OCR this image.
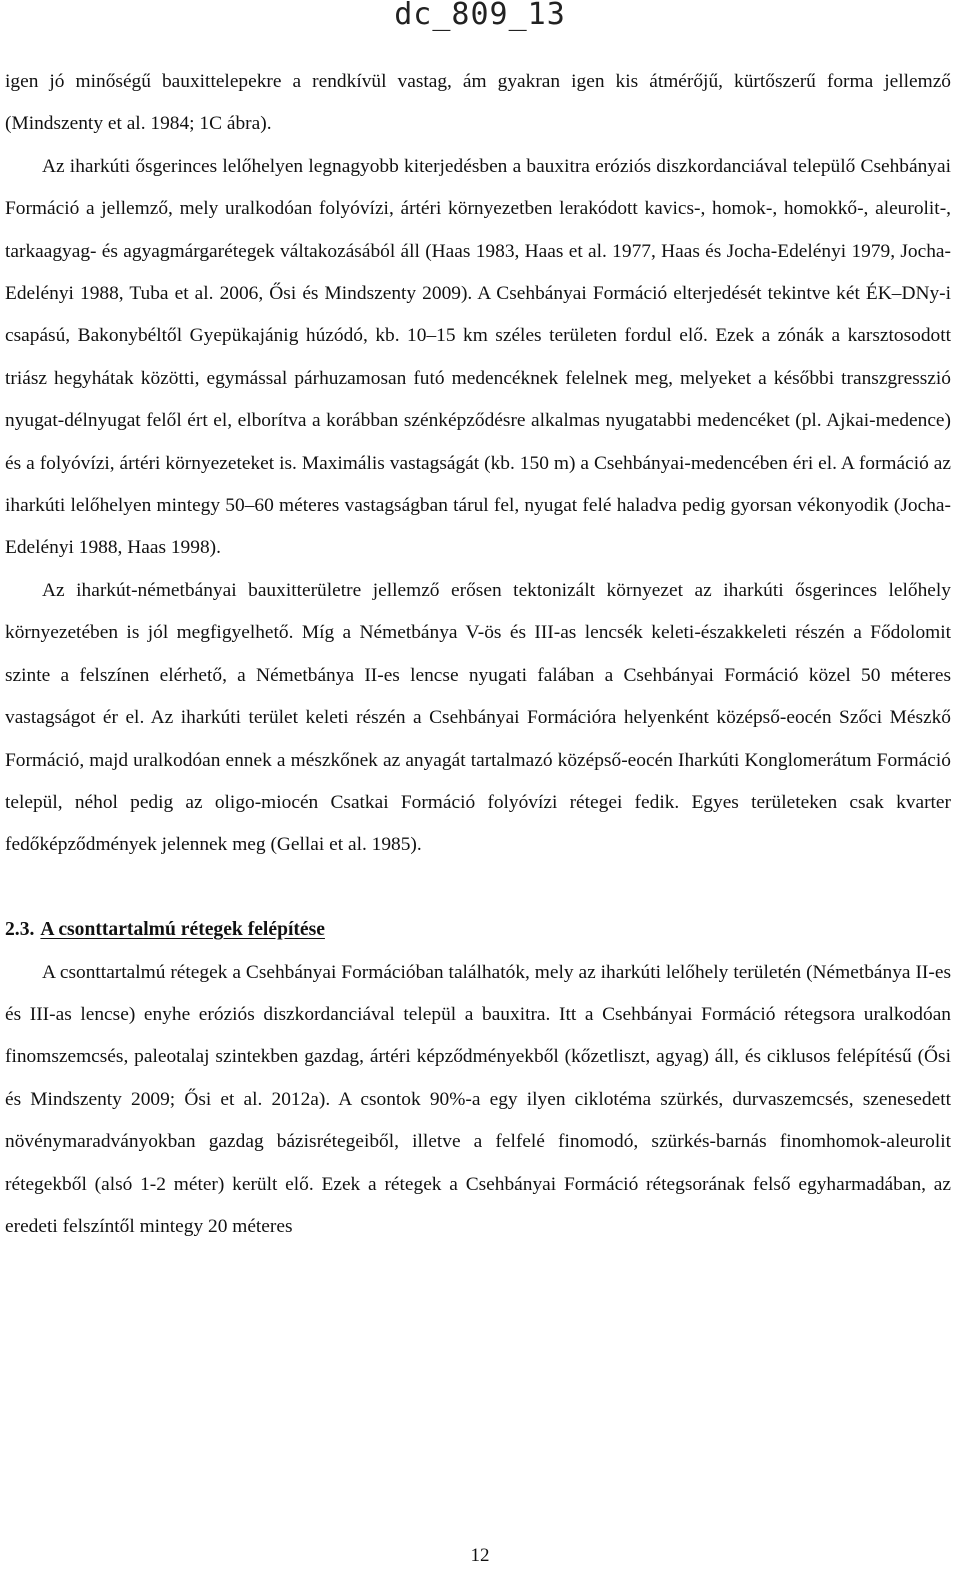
dc_809_13

igen jó minőségű bauxittelepekre a rendkívül vastag, ám gyakran igen kis átmérőjű, kürtőszerű forma jellemző (Mindszenty et al. 1984; 1C ábra).

Az iharkúti ősgerinces lelőhelyen legnagyobb kiterjedésben a bauxitra eróziós diszkordanciával települő Csehbányai Formáció a jellemző, mely uralkodóan folyóvízi, ártéri környezetben lerakódott kavics-, homok-, homokkő-, aleurolit-, tarkaagyag- és agyagmárgarétegek váltakozásából áll (Haas 1983, Haas et al. 1977, Haas és Jocha-Edelényi 1979, Jocha-Edelényi 1988, Tuba et al. 2006, Ősi és Mindszenty 2009). A Csehbányai Formáció elterjedését tekintve két ÉK–DNy-i csapású, Bakonybéltől Gyepükajánig húzódó, kb. 10–15 km széles területen fordul elő. Ezek a zónák a karsztosodott triász hegyhátak közötti, egymással párhuzamosan futó medencéknek felelnek meg, melyeket a későbbi transzgresszió nyugat-délnyugat felől ért el, elborítva a korábban szénképződésre alkalmas nyugatabbi medencéket (pl. Ajkai-medence) és a folyóvízi, ártéri környezeteket is. Maximális vastagságát (kb. 150 m) a Csehbányai-medencében éri el. A formáció az iharkúti lelőhelyen mintegy 50–60 méteres vastagságban tárul fel, nyugat felé haladva pedig gyorsan vékonyodik (Jocha-Edelényi 1988, Haas 1998).

Az iharkút-németbányai bauxitterületre jellemző erősen tektonizált környezet az iharkúti ősgerinces lelőhely környezetében is jól megfigyelhető. Míg a Németbánya V-ös és III-as lencsék keleti-északkeleti részén a Fődolomit szinte a felszínen elérhető, a Németbánya II-es lencse nyugati falában a Csehbányai Formáció közel 50 méteres vastagságot ér el. Az iharkúti terület keleti részén a Csehbányai Formációra helyenként középső-eocén Szőci Mészkő Formáció, majd uralkodóan ennek a mészkőnek az anyagát tartalmazó középső-eocén Iharkúti Konglomerátum Formáció települ, néhol pedig az oligo-miocén Csatkai Formáció folyóvízi rétegei fedik. Egyes területeken csak kvarter fedőképződmények jelennek meg (Gellai et al. 1985).

2.3. A csonttartalmú rétegek felépítése

A csonttartalmú rétegek a Csehbányai Formációban találhatók, mely az iharkúti lelőhely területén (Németbánya II-es és III-as lencse) enyhe eróziós diszkordanciával települ a bauxitra. Itt a Csehbányai Formáció rétegsora uralkodóan finomszemcsés, paleotalaj szintekben gazdag, ártéri képződményekből (kőzetliszt, agyag) áll, és ciklusos felépítésű (Ősi és Mindszenty 2009; Ősi et al. 2012a). A csontok 90%-a egy ilyen ciklotéma szürkés, durvaszemcsés, szenesedett növénymaradványokban gazdag bázisrétegeiből, illetve a felfelé finomodó, szürkés-barnás finomhomok-aleurolit rétegekből (alsó 1-2 méter) került elő. Ezek a rétegek a Csehbányai Formáció rétegsorának felső egyharmadában, az eredeti felszíntől mintegy 20 méteres

12
